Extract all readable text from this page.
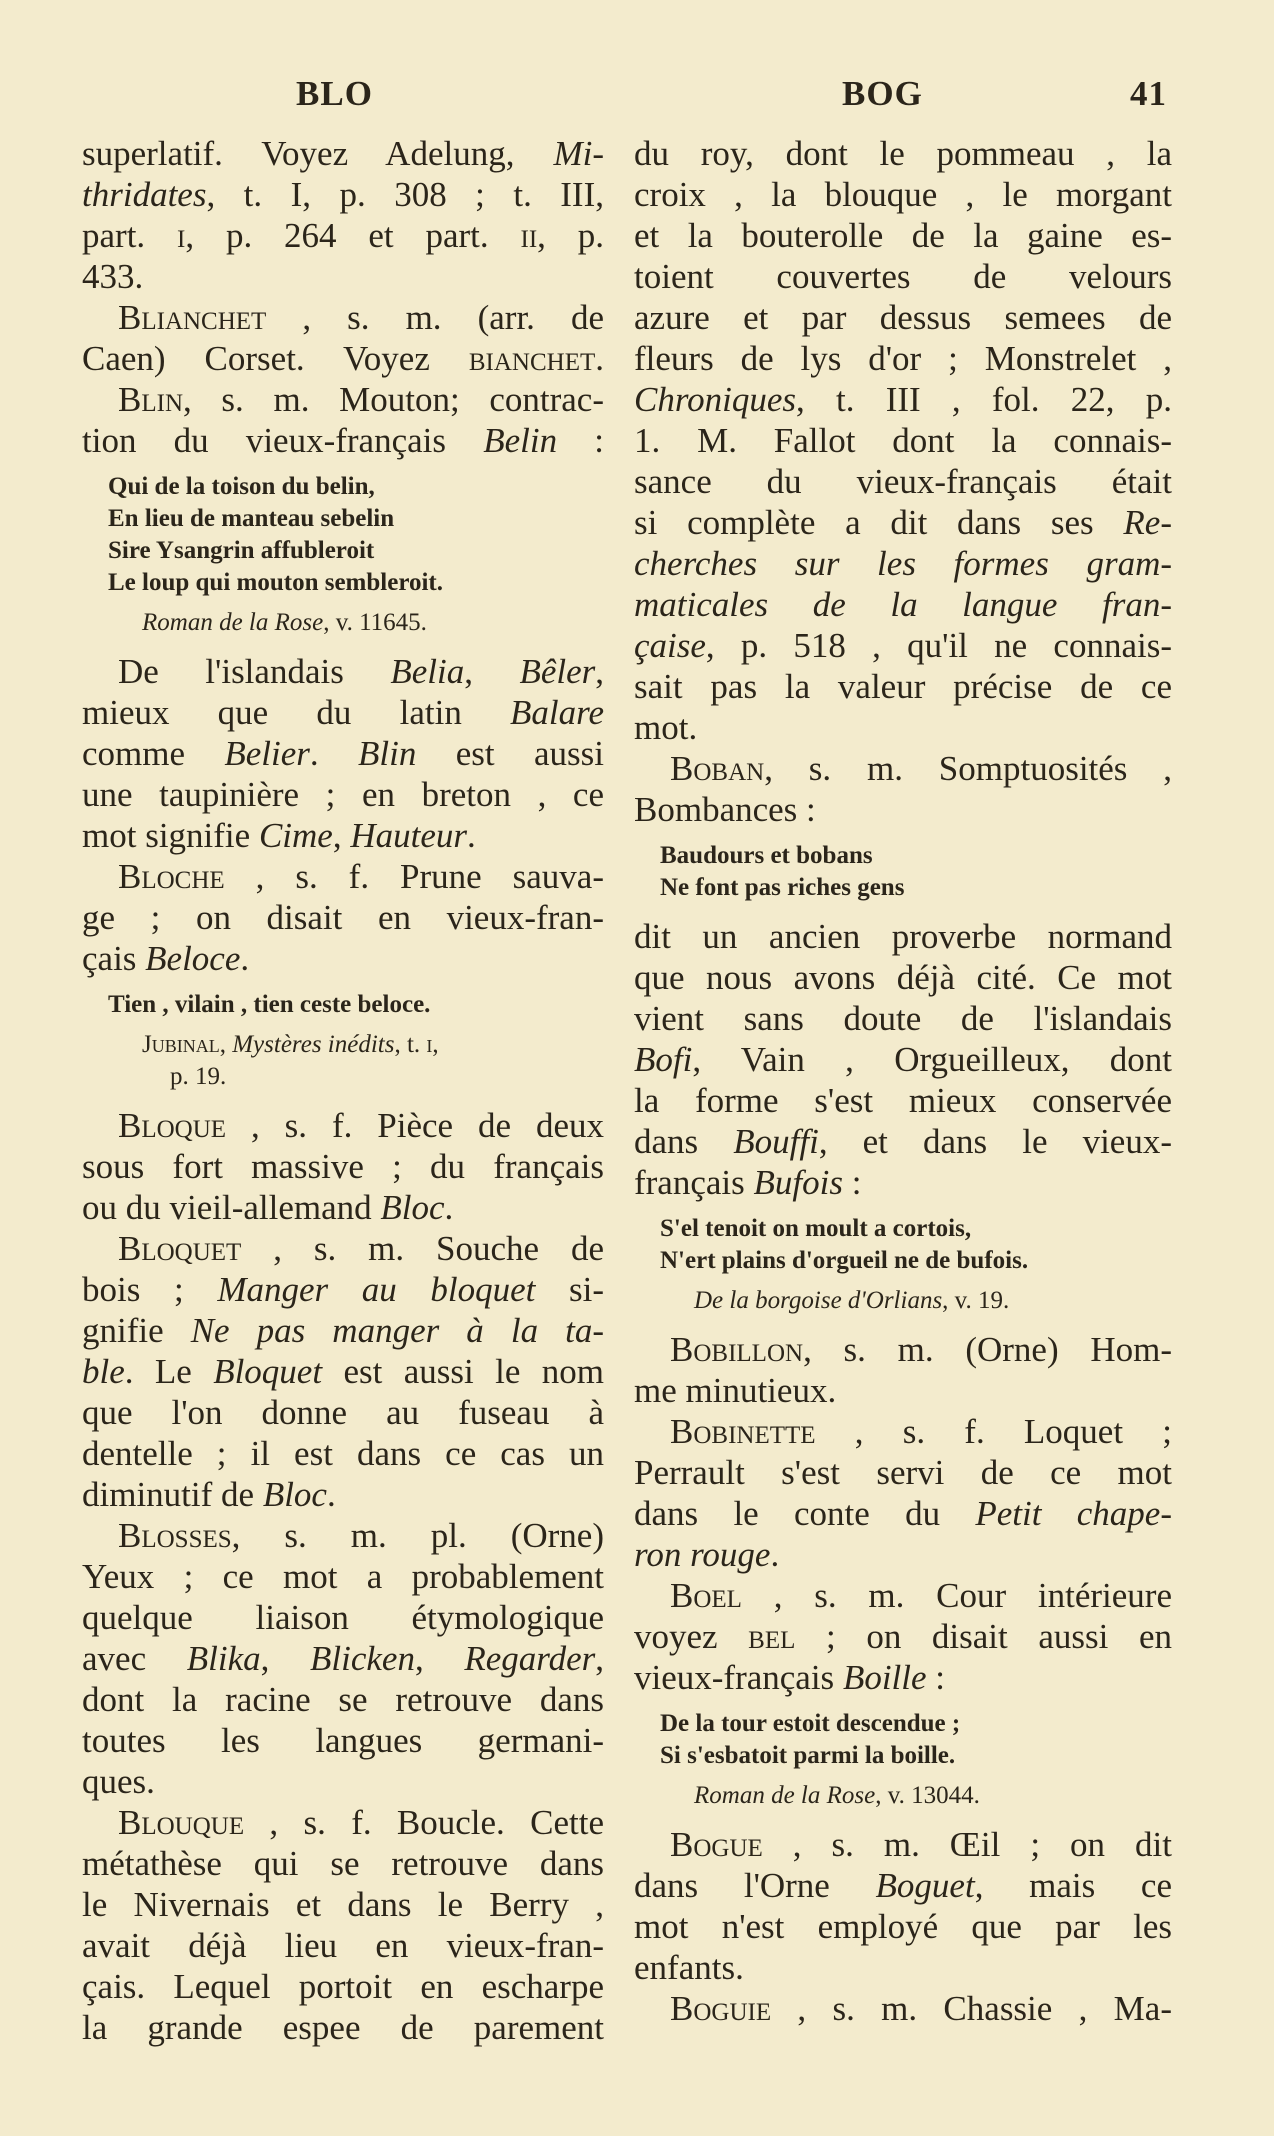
BLO	BOG	41
superlatif. Voyez Adelung, Mi-
thridates, t. I, p. 308 ; t. III,
part. i, p. 264 et part. ii, p.
433.
Blianchet , s. m. (arr. de
Caen) Corset. Voyez bianchet.
Blin, s. m. Mouton; contrac-
tion du vieux-français Belin :
Qui de la toison du belin,
En lieu de manteau sebelin
Sire Ysangrin affubleroit
Le loup qui mouton sembleroit.
Roman de la Rose, v. 11645.
De l'islandais Belia, Bêler,
mieux que du latin Balare
comme Belier. Blin est aussi
une taupinière ; en breton , ce
mot signifie Cime, Hauteur.
Bloche , s. f. Prune sauva-
ge ; on disait en vieux-fran-
çais Beloce.
Tien , vilain , tien ceste beloce.
Jubinal, Mystères inédits, t. i,
p. 19.
Bloque , s. f. Pièce de deux
sous fort massive ; du français
ou du vieil-allemand Bloc.
Bloquet , s. m. Souche de
bois ; Manger au bloquet si-
gnifie Ne pas manger à la ta-
ble. Le Bloquet est aussi le nom
que l'on donne au fuseau à
dentelle ; il est dans ce cas un
diminutif de Bloc.
Blosses, s. m. pl. (Orne)
Yeux ; ce mot a probablement
quelque liaison étymologique
avec Blika, Blicken, Regarder,
dont la racine se retrouve dans
toutes les langues germani-
ques.
Blouque , s. f. Boucle. Cette
métathèse qui se retrouve dans
le Nivernais et dans le Berry ,
avait déjà lieu en vieux-fran-
çais. Lequel portoit en escharpe
la grande espee de parement
du roy, dont le pommeau , la
croix , la blouque , le morgant
et la bouterolle de la gaine es-
toient couvertes de velours
azure et par dessus semees de
fleurs de lys d'or ; Monstrelet ,
Chroniques, t. III , fol. 22, p.
1. M. Fallot dont la connais-
sance du vieux-français était
si complète a dit dans ses Re-
cherches sur les formes gram-
maticales de la langue fran-
çaise, p. 518 , qu'il ne connais-
sait pas la valeur précise de ce
mot.
Boban, s. m. Somptuosités ,
Bombances :
Baudours et bobans
Ne font pas riches gens
dit un ancien proverbe normand
que nous avons déjà cité. Ce mot
vient sans doute de l'islandais
Bofi, Vain , Orgueilleux, dont
la forme s'est mieux conservée
dans Bouffi, et dans le vieux-
français Bufois :
S'el tenoit on moult a cortois,
N'ert plains d'orgueil ne de bufois.
De la borgoise d'Orlians, v. 19.
Bobillon, s. m. (Orne) Hom-
me minutieux.
Bobinette , s. f. Loquet ;
Perrault s'est servi de ce mot
dans le conte du Petit chape-
ron rouge.
Boel , s. m. Cour intérieure
voyez bel ; on disait aussi en
vieux-français Boille :
De la tour estoit descendue ;
Si s'esbatoit parmi la boille.
Roman de la Rose, v. 13044.
Bogue , s. m. Œil ; on dit
dans l'Orne Boguet, mais ce
mot n'est employé que par les
enfants.
Boguie , s. m. Chassie , Ma-
